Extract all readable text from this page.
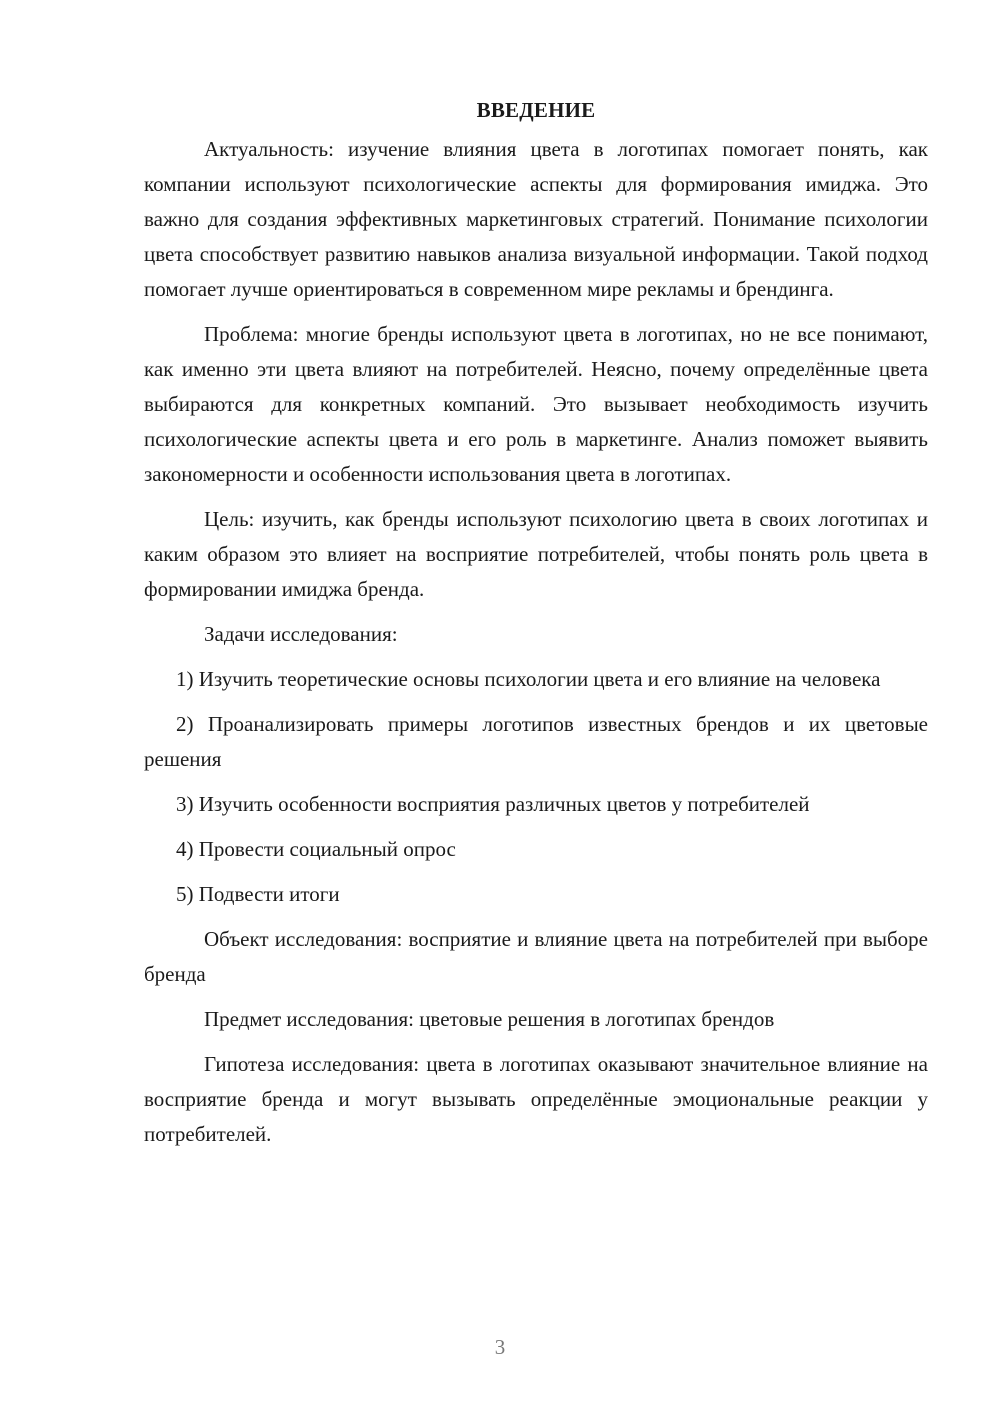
ВВЕДЕНИЕ

Актуальность: изучение влияния цвета в логотипах помогает понять, как компании используют психологические аспекты для формирования имиджа. Это важно для создания эффективных маркетинговых стратегий. Понимание психологии цвета способствует развитию навыков анализа визуальной информации. Такой подход помогает лучше ориентироваться в современном мире рекламы и брендинга.

Проблема: многие бренды используют цвета в логотипах, но не все понимают, как именно эти цвета влияют на потребителей. Неясно, почему определённые цвета выбираются для конкретных компаний. Это вызывает необходимость изучить психологические аспекты цвета и его роль в маркетинге. Анализ поможет выявить закономерности и особенности использования цвета в логотипах.

Цель: изучить, как бренды используют психологию цвета в своих логотипах и каким образом это влияет на восприятие потребителей, чтобы понять роль цвета в формировании имиджа бренда.

Задачи исследования:

1) Изучить теоретические основы психологии цвета и его влияние на человека

2) Проанализировать примеры логотипов известных брендов и их цветовые решения

3) Изучить особенности восприятия различных цветов у потребителей

4) Провести социальный опрос

5) Подвести итоги

Объект исследования: восприятие и влияние цвета на потребителей при выборе бренда

Предмет исследования: цветовые решения в логотипах брендов

Гипотеза исследования: цвета в логотипах оказывают значительное влияние на восприятие бренда и могут вызывать определённые эмоциональные реакции у потребителей.

3
